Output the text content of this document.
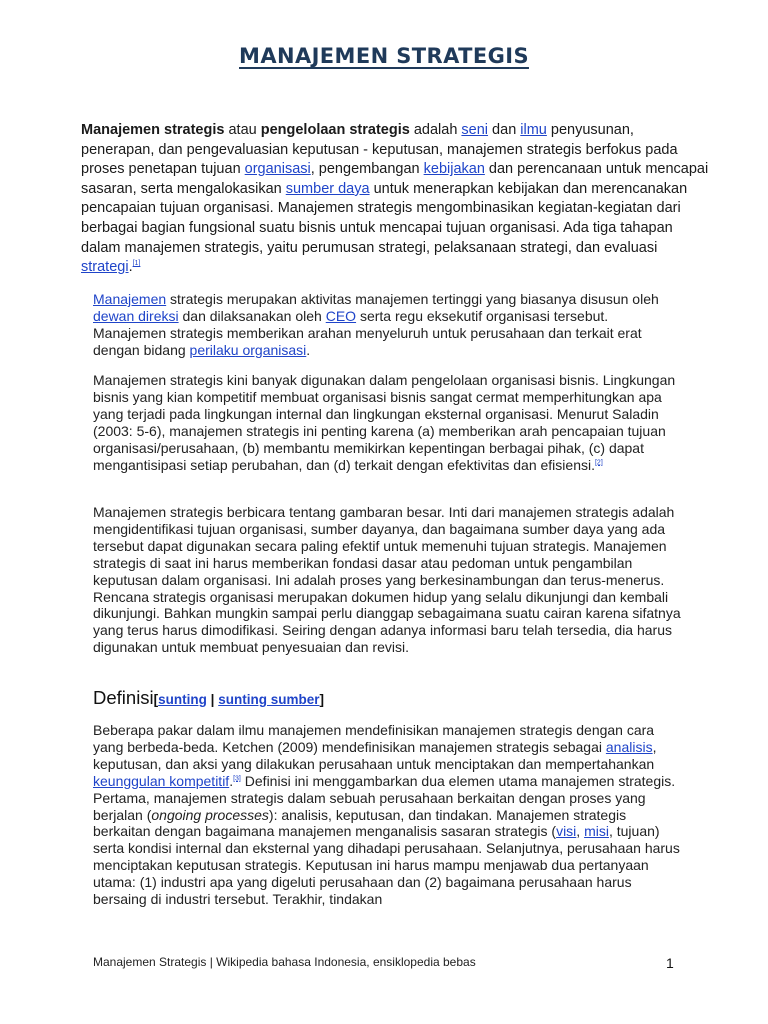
MANAJEMEN STRATEGIS

Manajemen strategis atau pengelolaan strategis adalah seni dan ilmu penyusunan, penerapan, dan pengevaluasian keputusan - keputusan, manajemen strategis berfokus pada proses penetapan tujuan organisasi, pengembangan kebijakan dan perencanaan untuk mencapai sasaran, serta mengalokasikan sumber daya untuk menerapkan kebijakan dan merencanakan pencapaian tujuan organisasi. Manajemen strategis mengombinasikan kegiatan-kegiatan dari berbagai bagian fungsional suatu bisnis untuk mencapai tujuan organisasi. Ada tiga tahapan dalam manajemen strategis, yaitu perumusan strategi, pelaksanaan strategi, dan evaluasi strategi.[1]

Manajemen strategis merupakan aktivitas manajemen tertinggi yang biasanya disusun oleh dewan direksi dan dilaksanakan oleh CEO serta regu eksekutif organisasi tersebut. Manajemen strategis memberikan arahan menyeluruh untuk perusahaan dan terkait erat dengan bidang perilaku organisasi.

Manajemen strategis kini banyak digunakan dalam pengelolaan organisasi bisnis. Lingkungan bisnis yang kian kompetitif membuat organisasi bisnis sangat cermat memperhitungkan apa yang terjadi pada lingkungan internal dan lingkungan eksternal organisasi. Menurut Saladin (2003: 5-6), manajemen strategis ini penting karena (a) memberikan arah pencapaian tujuan organisasi/perusahaan, (b) membantu memikirkan kepentingan berbagai pihak, (c) dapat mengantisipasi setiap perubahan, dan (d) terkait dengan efektivitas dan efisiensi.[2]

Manajemen strategis berbicara tentang gambaran besar. Inti dari manajemen strategis adalah mengidentifikasi tujuan organisasi, sumber dayanya, dan bagaimana sumber daya yang ada tersebut dapat digunakan secara paling efektif untuk memenuhi tujuan strategis. Manajemen strategis di saat ini harus memberikan fondasi dasar atau pedoman untuk pengambilan keputusan dalam organisasi. Ini adalah proses yang berkesinambungan dan terus-menerus. Rencana strategis organisasi merupakan dokumen hidup yang selalu dikunjungi dan kembali dikunjungi. Bahkan mungkin sampai perlu dianggap sebagaimana suatu cairan karena sifatnya yang terus harus dimodifikasi. Seiring dengan adanya informasi baru telah tersedia, dia harus digunakan untuk membuat penyesuaian dan revisi.

Definisi[sunting | sunting sumber]

Beberapa pakar dalam ilmu manajemen mendefinisikan manajemen strategis dengan cara yang berbeda-beda. Ketchen (2009) mendefinisikan manajemen strategis sebagai analisis, keputusan, dan aksi yang dilakukan perusahaan untuk menciptakan dan mempertahankan keunggulan kompetitif.[3] Definisi ini menggambarkan dua elemen utama manajemen strategis. Pertama, manajemen strategis dalam sebuah perusahaan berkaitan dengan proses yang berjalan (ongoing processes): analisis, keputusan, dan tindakan. Manajemen strategis berkaitan dengan bagaimana manajemen menganalisis sasaran strategis (visi, misi, tujuan) serta kondisi internal dan eksternal yang dihadapi perusahaan. Selanjutnya, perusahaan harus menciptakan keputusan strategis. Keputusan ini harus mampu menjawab dua pertanyaan utama: (1) industri apa yang digeluti perusahaan dan (2) bagaimana perusahaan harus bersaing di industri tersebut. Terakhir, tindakan

Manajemen Strategis | Wikipedia bahasa Indonesia, ensiklopedia bebas	1
